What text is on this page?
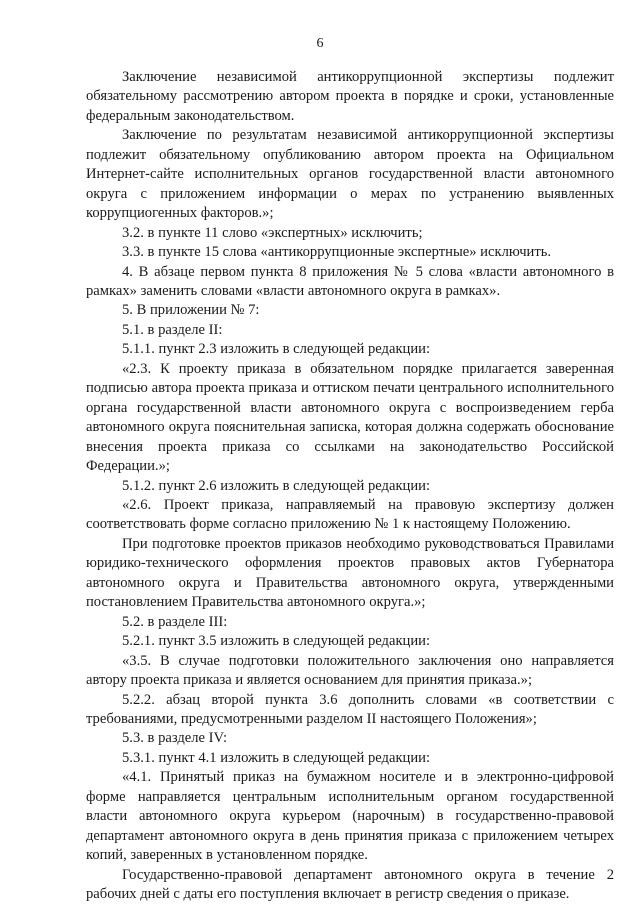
6

Заключение независимой антикоррупционной экспертизы подлежит обязательному рассмотрению автором проекта в порядке и сроки, установленные федеральным законодательством.

Заключение по результатам независимой антикоррупционной экспертизы подлежит обязательному опубликованию автором проекта на Официальном Интернет-сайте исполнительных органов государственной власти автономного округа с приложением информации о мерах по устранению выявленных коррупциогенных факторов.»;

3.2. в пункте 11 слово «экспертных» исключить;

3.3. в пункте 15 слова «антикоррупционные экспертные» исключить.

4. В абзаце первом пункта 8 приложения № 5 слова «власти автономного в рамках» заменить словами «власти автономного округа в рамках».

5. В приложении № 7:

5.1. в разделе II:

5.1.1. пункт 2.3 изложить в следующей редакции:

«2.3. К проекту приказа в обязательном порядке прилагается заверенная подписью автора проекта приказа и оттиском печати центрального исполнительного органа государственной власти автономного округа с воспроизведением герба автономного округа пояснительная записка, которая должна содержать обоснование внесения проекта приказа со ссылками на законодательство Российской Федерации.»;

5.1.2. пункт 2.6 изложить в следующей редакции:

«2.6. Проект приказа, направляемый на правовую экспертизу должен соответствовать форме согласно приложению № 1 к настоящему Положению.

При подготовке проектов приказов необходимо руководствоваться Правилами юридико-технического оформления проектов правовых актов Губернатора автономного округа и Правительства автономного округа, утвержденными постановлением Правительства автономного округа.»;

5.2. в разделе III:

5.2.1. пункт 3.5 изложить в следующей редакции:

«3.5. В случае подготовки положительного заключения оно направляется автору проекта приказа и является основанием для принятия приказа.»;

5.2.2. абзац второй пункта 3.6 дополнить словами «в соответствии с требованиями, предусмотренными разделом II настоящего Положения»;

5.3. в разделе IV:

5.3.1. пункт 4.1 изложить в следующей редакции:

«4.1. Принятый приказ на бумажном носителе и в электронно-цифровой форме направляется центральным исполнительным органом государственной власти автономного округа курьером (нарочным) в государственно-правовой департамент автономного округа в день принятия приказа с приложением четырех копий, заверенных в установленном порядке.

Государственно-правовой департамент автономного округа в течение 2 рабочих дней с даты его поступления включает в регистр сведения о приказе.
